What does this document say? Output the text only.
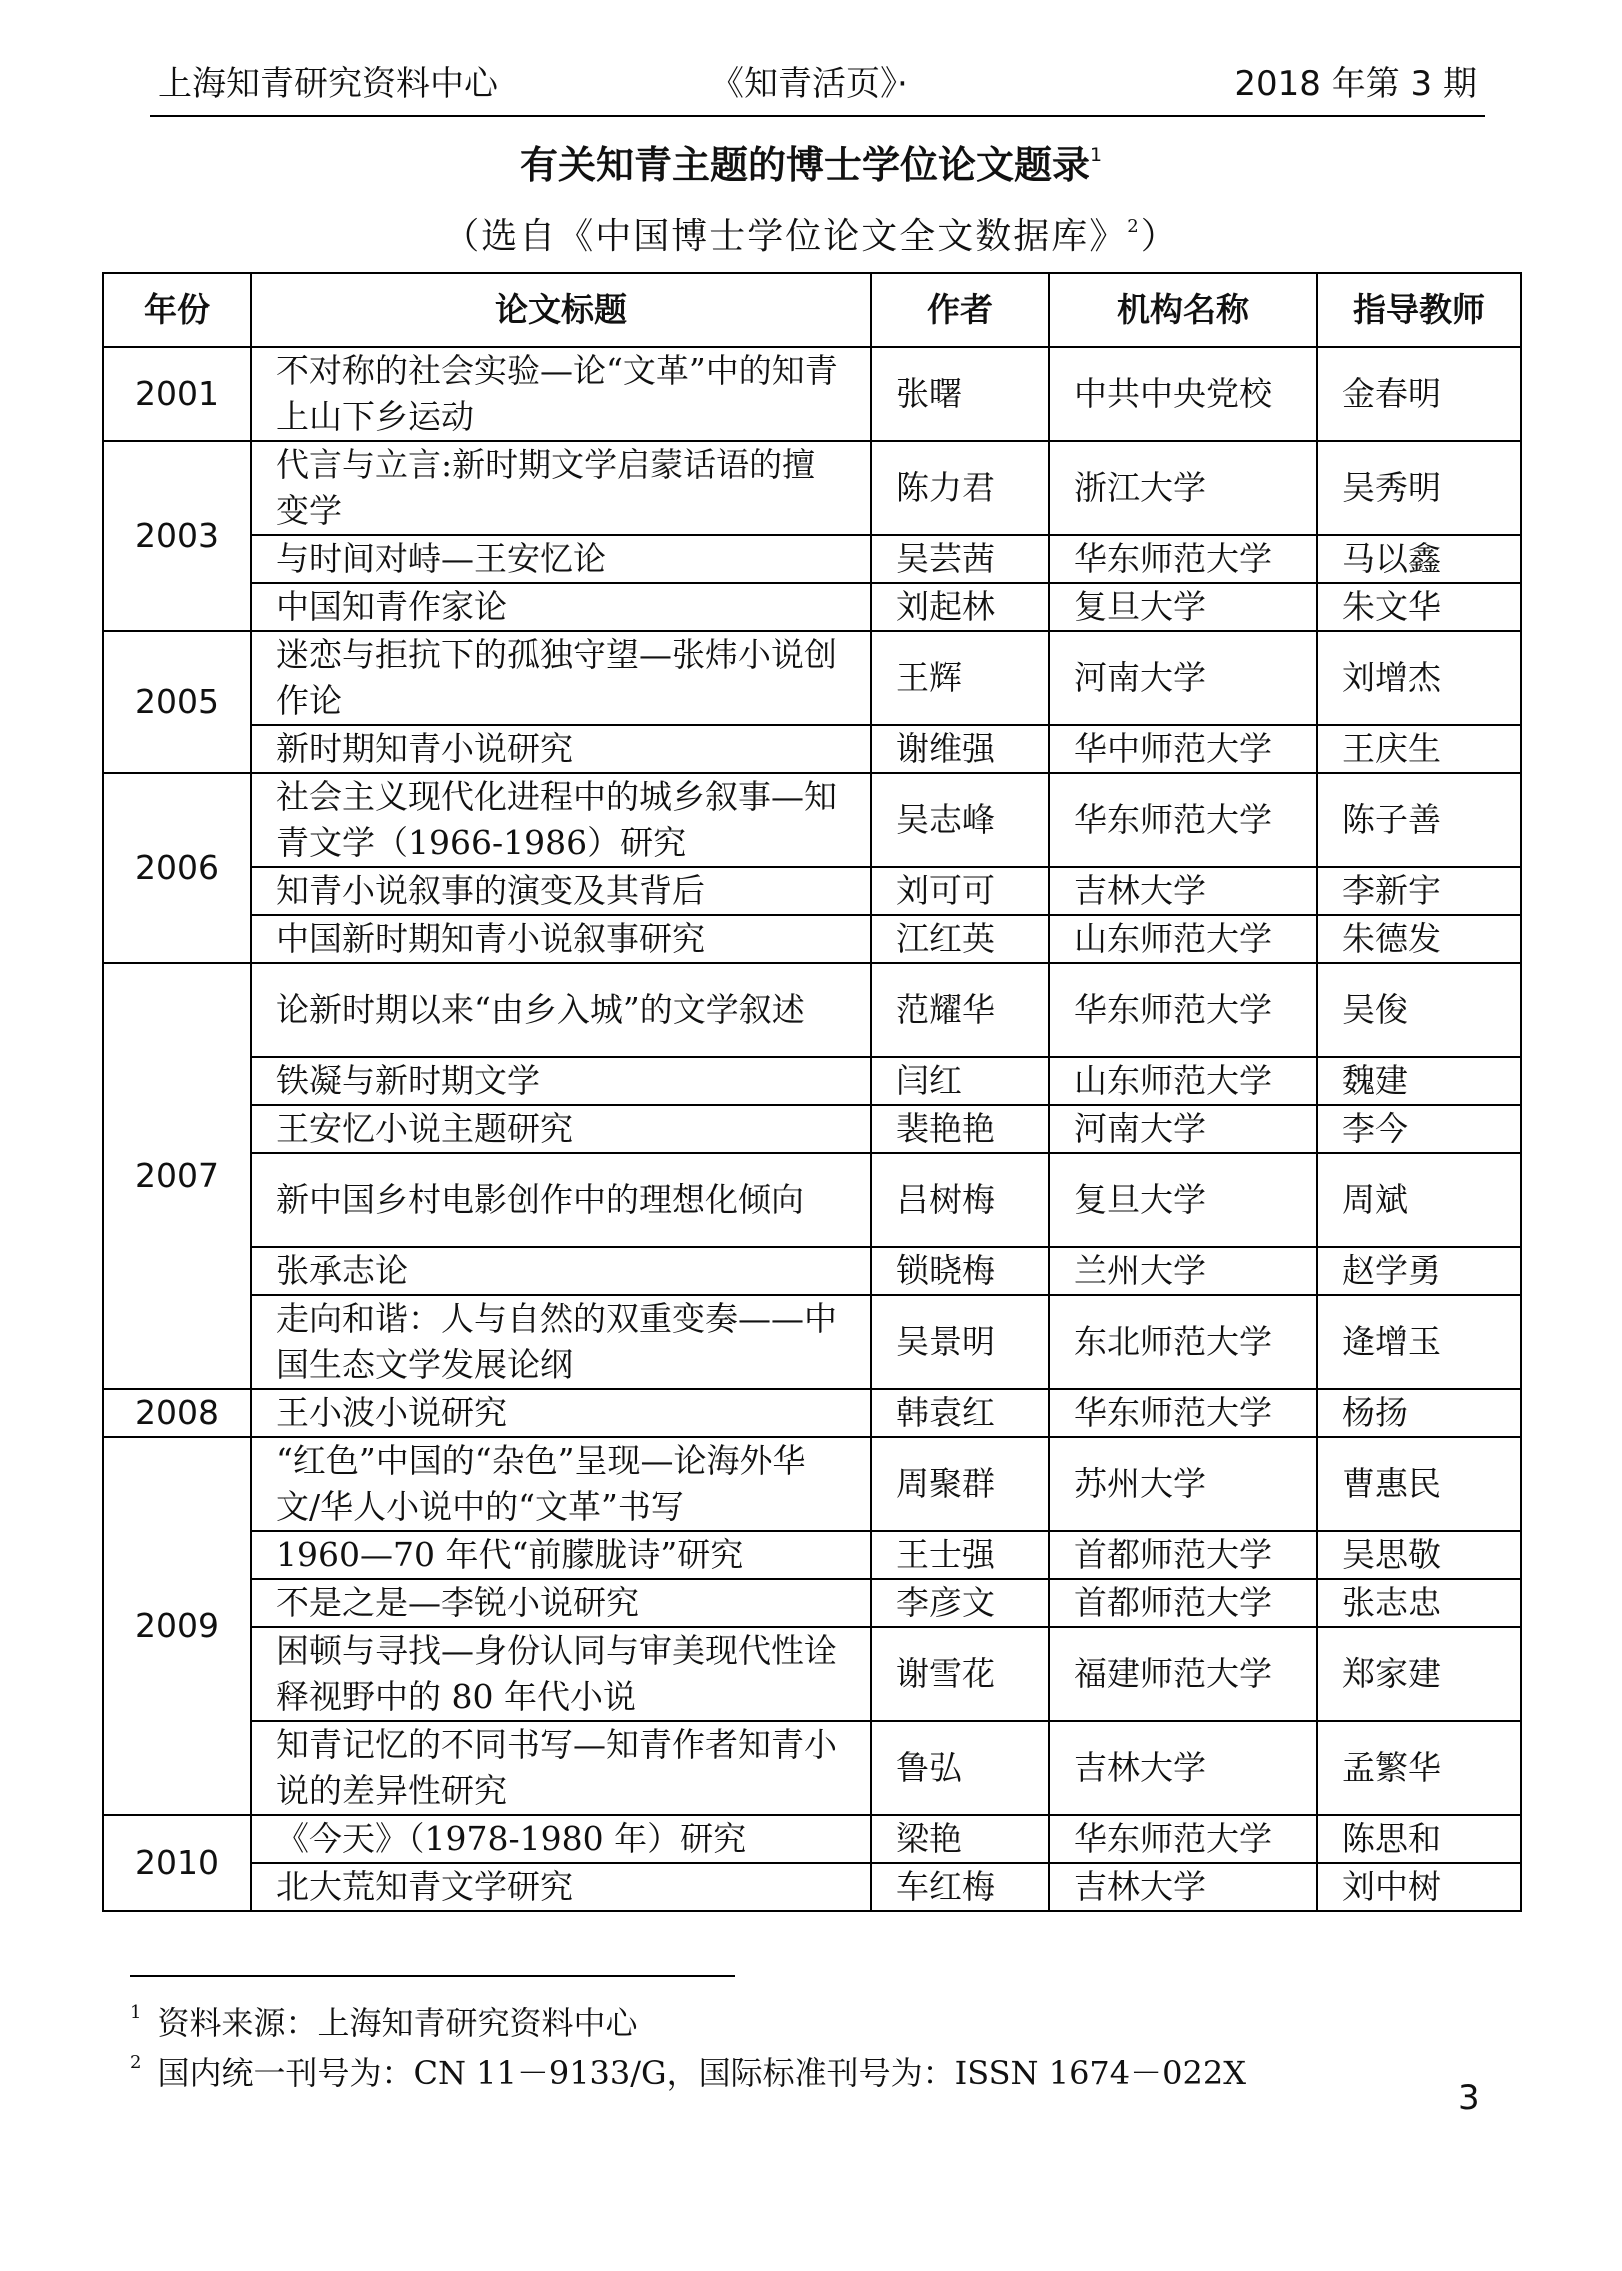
上海知青研究资料中心	《知青活页》·	2018 年第 3 期
有关知青主题的博士学位论文题录$^1$
（选自《中国博士学位论文全文数据库》$^2$）
年份	论文标题	作者	机构名称	指导教师
2001	不对称的社会实验—论“文革”中的知青上山下乡运动	张曙	中共中央党校	金春明
2003	代言与立言:新时期文学启蒙话语的擅变学	陈力君	浙江大学	吴秀明
	与时间对峙—王安忆论	吴芸茜	华东师范大学	马以鑫
	中国知青作家论	刘起林	复旦大学	朱文华
2005	迷恋与拒抗下的孤独守望—张炜小说创作论	王辉	河南大学	刘增杰
	新时期知青小说研究	谢维强	华中师范大学	王庆生
2006	社会主义现代化进程中的城乡叙事—知青文学（1966-1986）研究	吴志峰	华东师范大学	陈子善
	知青小说叙事的演变及其背后	刘可可	吉林大学	李新宇
	中国新时期知青小说叙事研究	江红英	山东师范大学	朱德发
2007	论新时期以来“由乡入城”的文学叙述	范耀华	华东师范大学	吴俊
	铁凝与新时期文学	闫红	山东师范大学	魏建
	王安忆小说主题研究	裴艳艳	河南大学	李今
	新中国乡村电影创作中的理想化倾向	吕树梅	复旦大学	周斌
	张承志论	锁晓梅	兰州大学	赵学勇
	走向和谐：人与自然的双重变奏——中国生态文学发展论纲	吴景明	东北师范大学	逄增玉
2008	王小波小说研究	韩袁红	华东师范大学	杨扬
2009	“红色”中国的“杂色”呈现—论海外华文/华人小说中的“文革”书写	周聚群	苏州大学	曹惠民
	1960—70 年代“前朦胧诗”研究	王士强	首都师范大学	吴思敬
	不是之是—李锐小说研究	李彦文	首都师范大学	张志忠
	困顿与寻找—身份认同与审美现代性诠释视野中的 80 年代小说	谢雪花	福建师范大学	郑家建
	知青记忆的不同书写—知青作者知青小说的差异性研究	鲁弘	吉林大学	孟繁华
2010	《今天》（1978-1980 年）研究	梁艳	华东师范大学	陈思和
	北大荒知青文学研究	车红梅	吉林大学	刘中树
$^1$ 资料来源：上海知青研究资料中心
$^2$ 国内统一刊号为：CN 11－9133/G，国际标准刊号为：ISSN 1674－022X
3
